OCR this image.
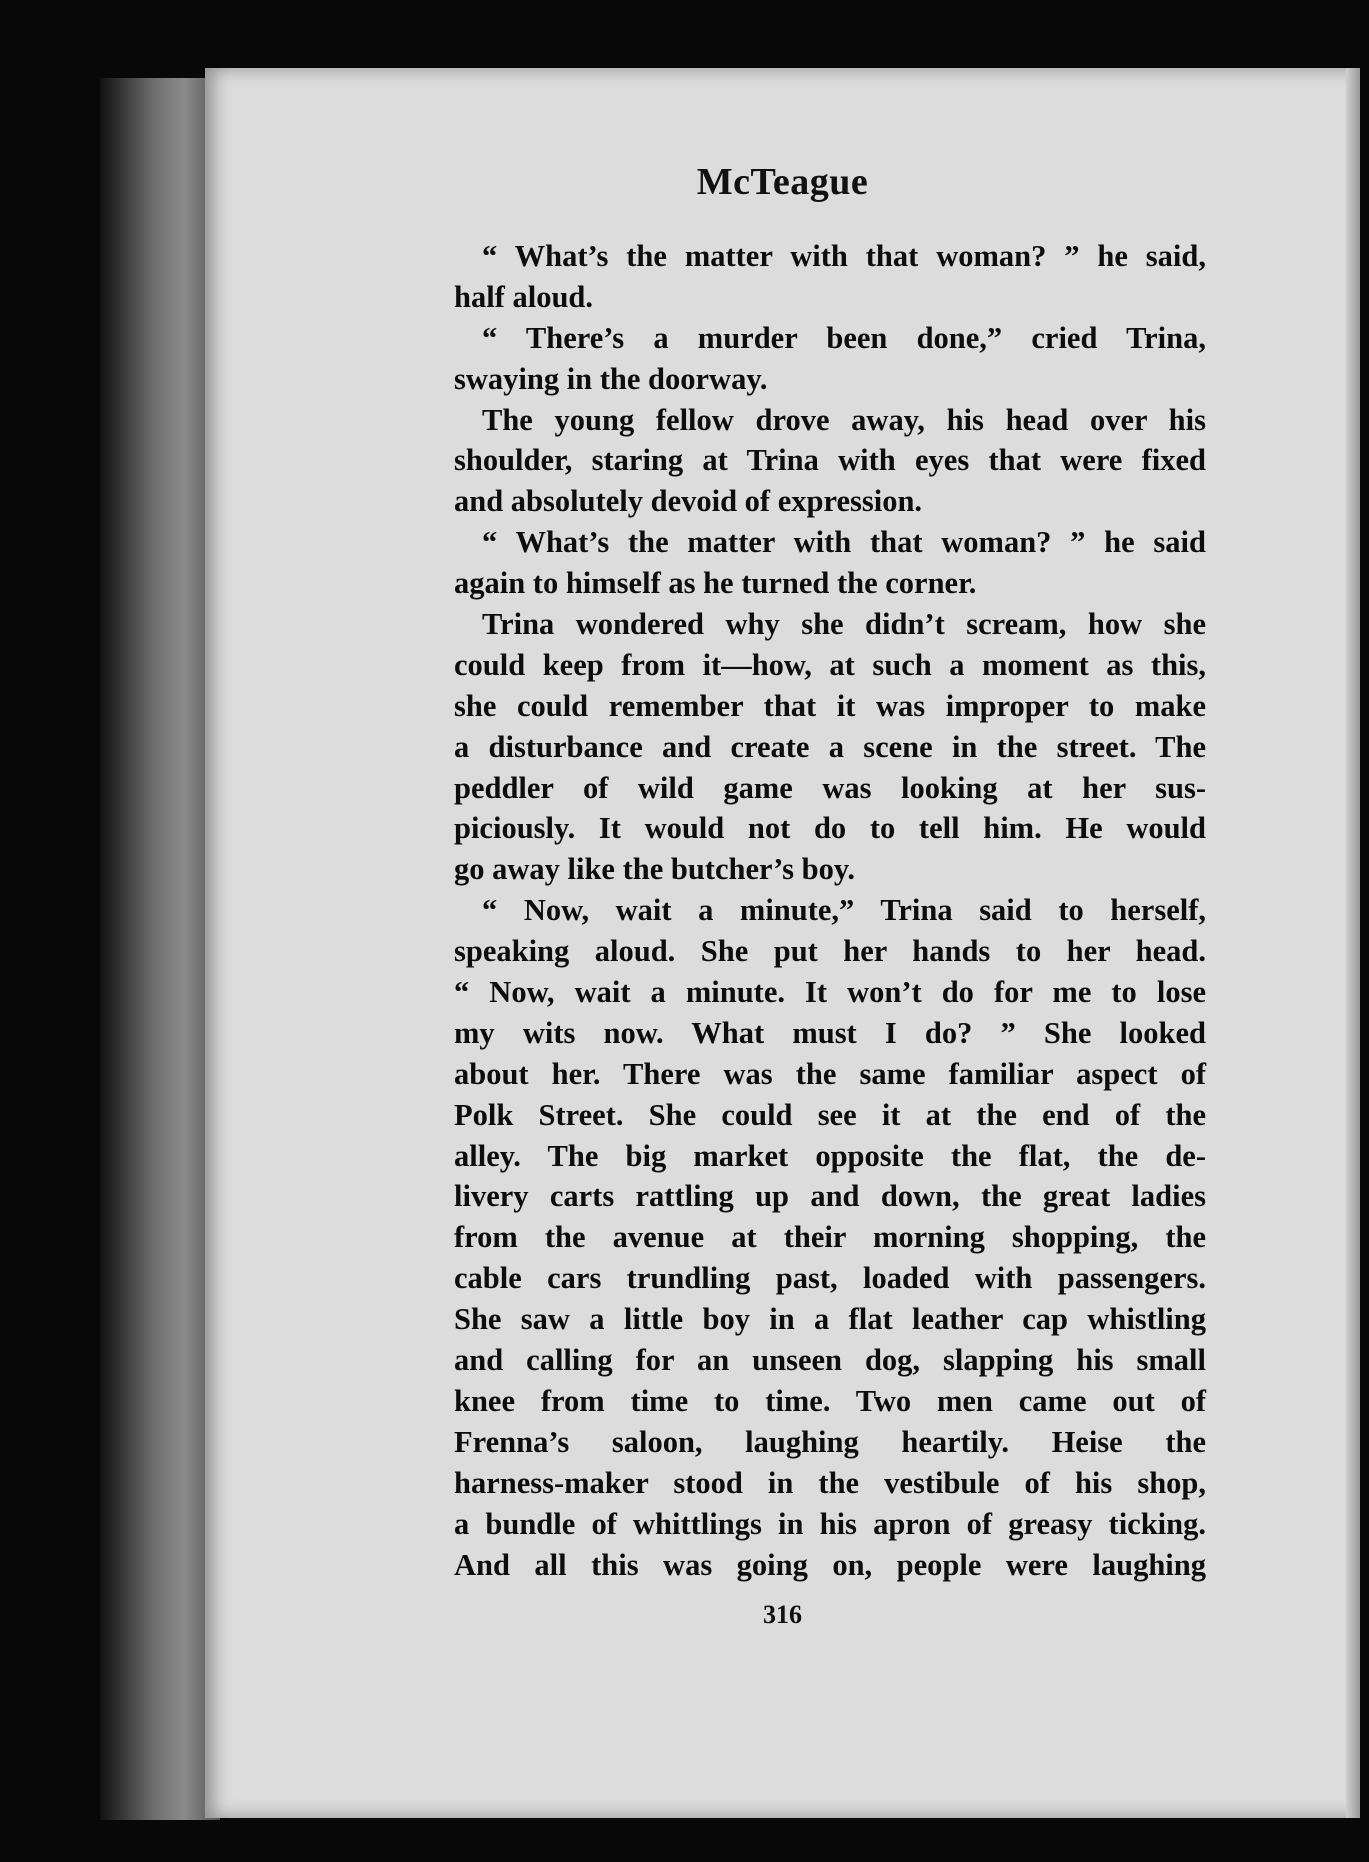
McTeague
“ What’s the matter with that woman? ” he said,
half aloud.
“ There’s a murder been done,” cried Trina,
swaying in the doorway.
The young fellow drove away, his head over his
shoulder, staring at Trina with eyes that were fixed
and absolutely devoid of expression.
“ What’s the matter with that woman? ” he said
again to himself as he turned the corner.
Trina wondered why she didn’t scream, how she
could keep from it—how, at such a moment as this,
she could remember that it was improper to make
a disturbance and create a scene in the street. The
peddler of wild game was looking at her sus-
piciously. It would not do to tell him. He would
go away like the butcher’s boy.
“ Now, wait a minute,” Trina said to herself,
speaking aloud. She put her hands to her head.
“ Now, wait a minute. It won’t do for me to lose
my wits now. What must I do? ” She looked
about her. There was the same familiar aspect of
Polk Street. She could see it at the end of the
alley. The big market opposite the flat, the de-
livery carts rattling up and down, the great ladies
from the avenue at their morning shopping, the
cable cars trundling past, loaded with passengers.
She saw a little boy in a flat leather cap whistling
and calling for an unseen dog, slapping his small
knee from time to time. Two men came out of
Frenna’s saloon, laughing heartily. Heise the
harness-maker stood in the vestibule of his shop,
a bundle of whittlings in his apron of greasy ticking.
And all this was going on, people were laughing
316
